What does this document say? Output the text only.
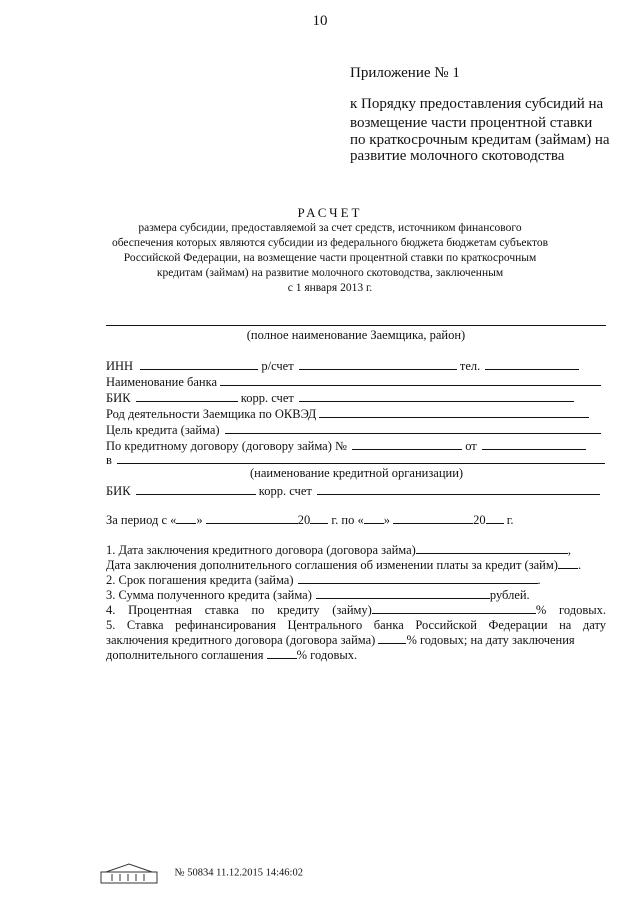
10
Приложение № 1
к Порядку предоставления субсидий на
возмещение части процентной ставки
по краткосрочным кредитам (займам) на
развитие молочного скотоводства
РАСЧЕТ
размера субсидии, предоставляемой за счет средств, источником финансового
обеспечения которых являются субсидии из федерального бюджета бюджетам субъектов
Российской Федерации, на возмещение части процентной ставки по краткосрочным
кредитам (займам) на развитие молочного скотоводства, заключенным
с 1 января 2013 г.
(полное наименование Заемщика, район)
ИНН	р/счет	тел.
Наименование банка
БИК	корр. счет
Род деятельности Заемщика по ОКВЭД
Цель кредита (займа)
По кредитному договору (договору займа) №	от
в
(наименование кредитной организации)
БИК	корр. счет
За период с « »	20 г. по « »	20 г.
1. Дата заключения кредитного договора (договора займа)	,
Дата заключения дополнительного соглашения об изменении платы за кредит (займ) .
2. Срок погашения кредита (займа)	.
3. Сумма полученного кредита (займа)	рублей.
4. Процентная ставка по кредиту (займу)	% годовых.
5. Ставка рефинансирования Центрального банка Российской Федерации на дату
заключения кредитного договора (договора займа) % годовых; на дату заключения
дополнительного соглашения	% годовых.
№ 50834 11.12.2015 14:46:02
